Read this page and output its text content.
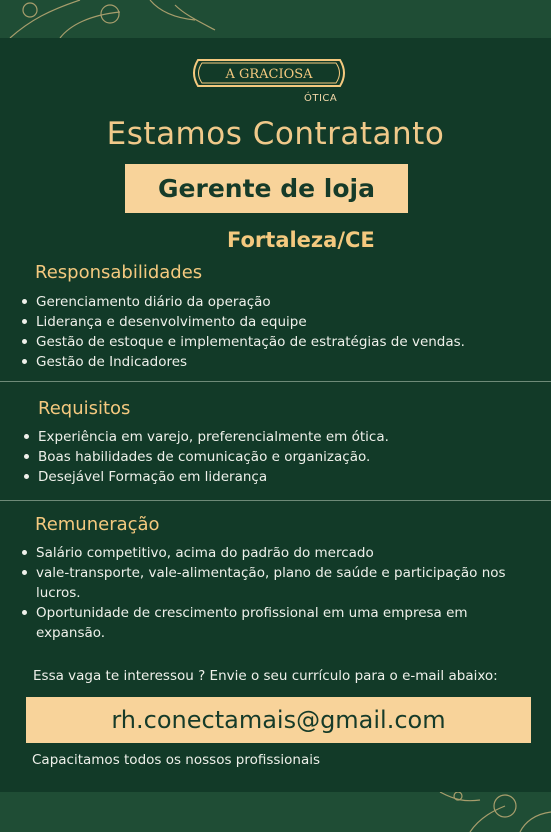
A GRACIOSA
ÓTICA
Estamos Contratanto
Gerente de loja
Fortaleza/CE
Responsabilidades
Gerenciamento diário da operação
Liderança e desenvolvimento da equipe
Gestão de estoque e implementação de estratégias de vendas.
Gestão de Indicadores
Requisitos
Experiência em varejo, preferencialmente em ótica.
Boas habilidades de comunicação e organização.
Desejável Formação em liderança
Remuneração
Salário competitivo, acima do padrão do mercado
vale-transporte, vale-alimentação, plano de saúde e participação nos lucros.
Oportunidade de crescimento profissional em uma empresa em expansão.
Essa vaga te interessou ? Envie o seu currículo para o e-mail abaixo:
rh.conectamais@gmail.com
Capacitamos todos os nossos profissionais
